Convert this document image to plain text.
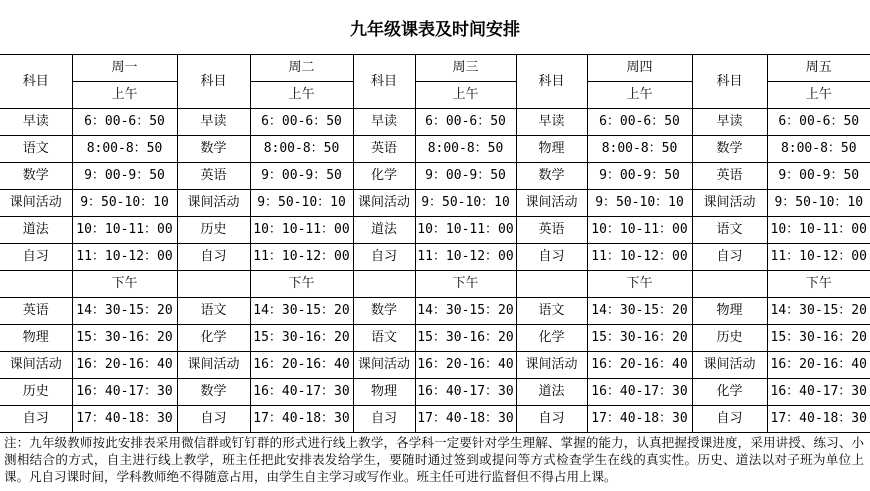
九年级课表及时间安排
科目	周一	科目	周二	科目	周三	科目	周四	科目	周五
	上午		上午		上午		上午		上午
早读	6：00-6：50	早读	6：00-6：50	早读	6：00-6：50	早读	6：00-6：50	早读	6：00-6：50
语文	8:00-8：50	数学	8:00-8：50	英语	8:00-8：50	物理	8:00-8：50	数学	8:00-8：50
数学	9：00-9：50	英语	9：00-9：50	化学	9：00-9：50	数学	9：00-9：50	英语	9：00-9：50
课间活动	9：50-10：10	课间活动	9：50-10：10	课间活动	9：50-10：10	课间活动	9：50-10：10	课间活动	9：50-10：10
道法	10：10-11：00	历史	10：10-11：00	道法	10：10-11：00	英语	10：10-11：00	语文	10：10-11：00
自习	11：10-12：00	自习	11：10-12：00	自习	11：10-12：00	自习	11：10-12：00	自习	11：10-12：00
	下午		下午		下午		下午		下午
英语	14：30-15：20	语文	14：30-15：20	数学	14：30-15：20	语文	14：30-15：20	物理	14：30-15：20
物理	15：30-16：20	化学	15：30-16：20	语文	15：30-16：20	化学	15：30-16：20	历史	15：30-16：20
课间活动	16：20-16：40	课间活动	16：20-16：40	课间活动	16：20-16：40	课间活动	16：20-16：40	课间活动	16：20-16：40
历史	16：40-17：30	数学	16：40-17：30	物理	16：40-17：30	道法	16：40-17：30	化学	16：40-17：30
自习	17：40-18：30	自习	17：40-18：30	自习	17：40-18：30	自习	17：40-18：30	自习	17：40-18：30
注：九年级教师按此安排表采用微信群或钉钉群的形式进行线上教学，各学科一定要针对学生理解、掌握的能力，认真把握授课进度，采用讲授、练习、小测相结合的方式，自主进行线上教学，班主任把此安排表发给学生，要随时通过签到或提问等方式检查学生在线的真实性。历史、道法以对子班为单位上课。凡自习课时间，学科教师绝不得随意占用，由学生自主学习或写作业。班主任可进行监督但不得占用上课。
